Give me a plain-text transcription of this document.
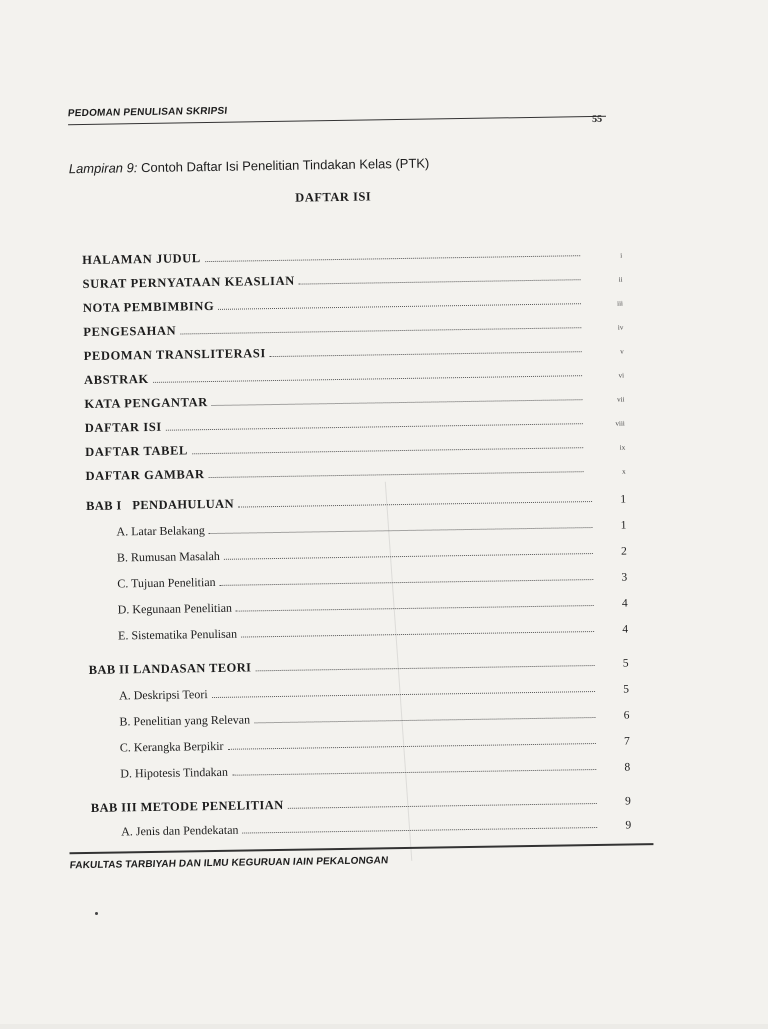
PEDOMAN PENULISAN SKRIPSI
55
Lampiran 9: Contoh Daftar Isi Penelitian Tindakan Kelas (PTK)
DAFTAR ISI
HALAMAN JUDUL	i
SURAT PERNYATAAN KEASLIAN	ii
NOTA PEMBIMBING	iii
PENGESAHAN	iv
PEDOMAN TRANSLITERASI	v
ABSTRAK	vi
KATA PENGANTAR	vii
DAFTAR ISI	viii
DAFTAR TABEL	ix
DAFTAR GAMBAR	x
BAB I   PENDAHULUAN	1
A. Latar Belakang	1
B. Rumusan Masalah	2
C. Tujuan Penelitian	3
D. Kegunaan Penelitian	4
E. Sistematika Penulisan	4
BAB II LANDASAN TEORI	5
A. Deskripsi Teori	5
B. Penelitian yang Relevan	6
C. Kerangka Berpikir	7
D. Hipotesis Tindakan	8
BAB III METODE PENELITIAN	9
A. Jenis dan Pendekatan	9
FAKULTAS TARBIYAH DAN ILMU KEGURUAN IAIN PEKALONGAN
